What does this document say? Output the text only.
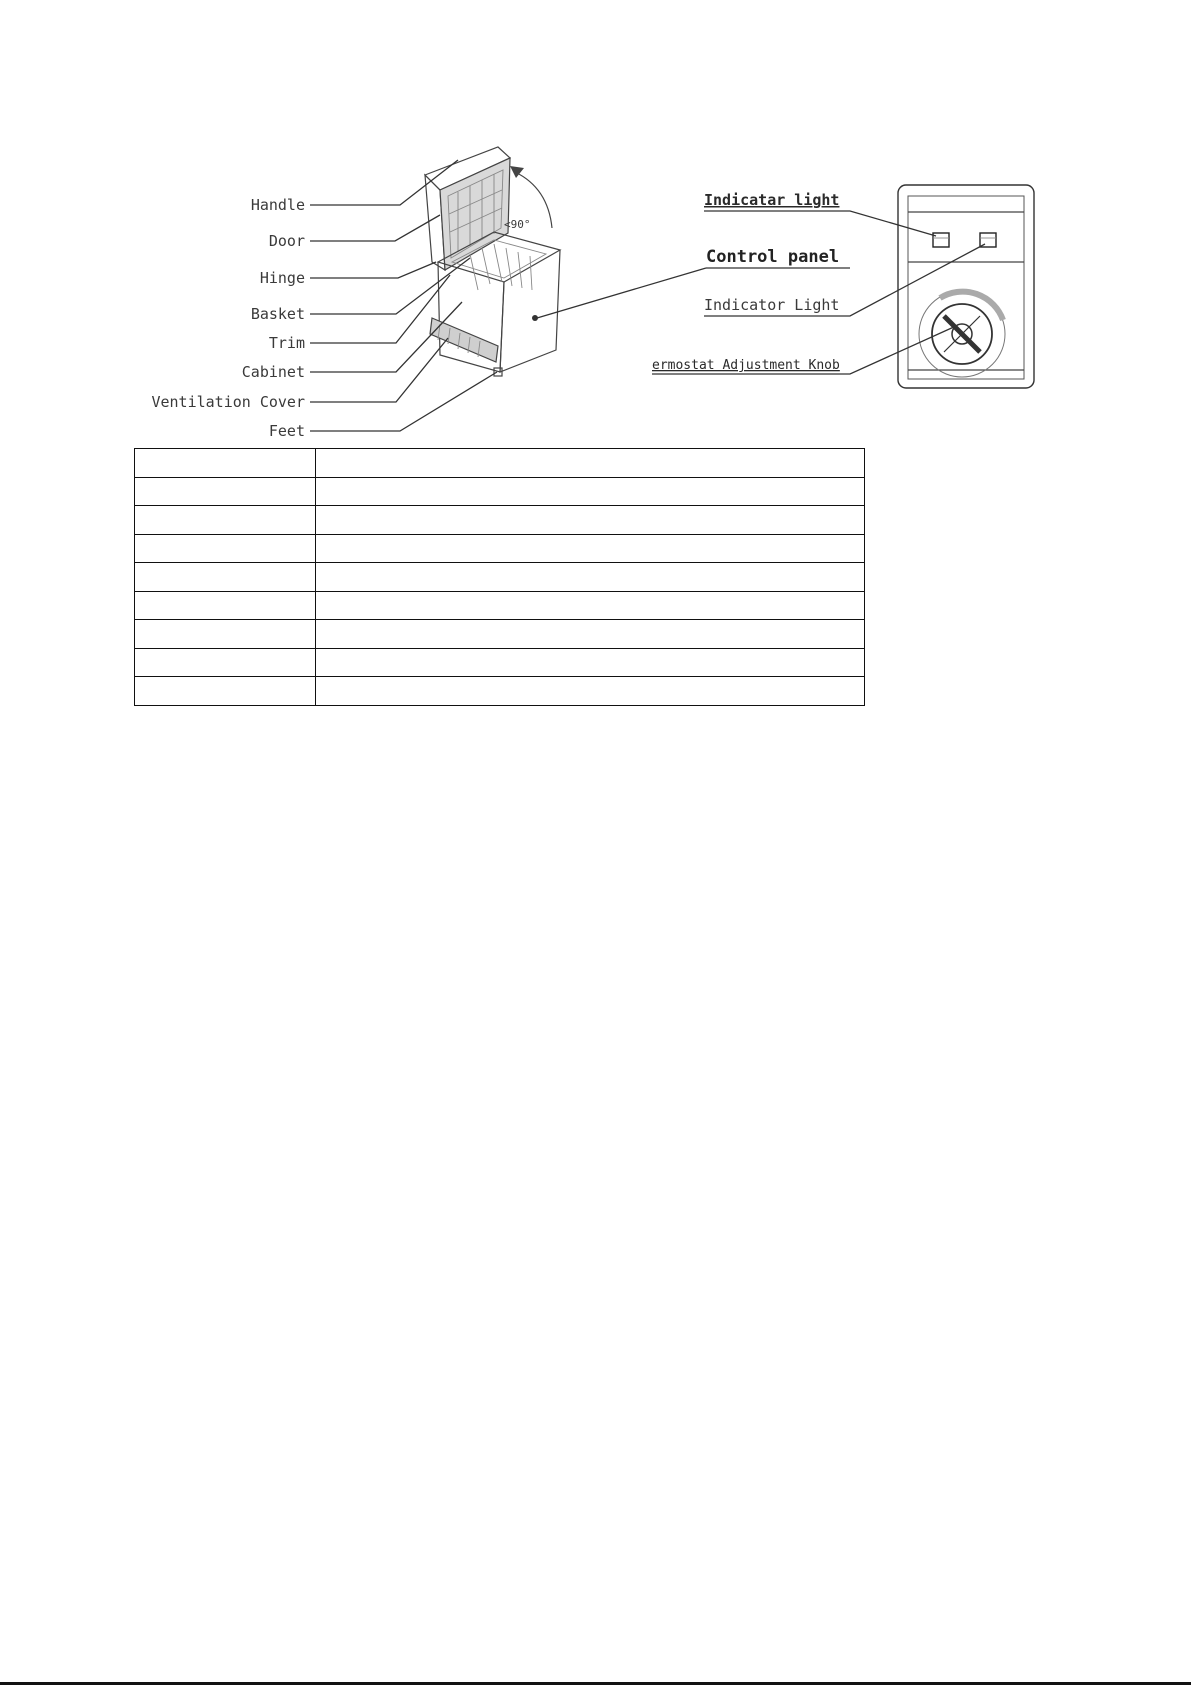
<90°
Handle
Door
Hinge
Basket
Trim
Cabinet
Ventilation Cover
Feet
Control panel
Indicatar light
Indicator Light
ermostat Adjustment Knob
